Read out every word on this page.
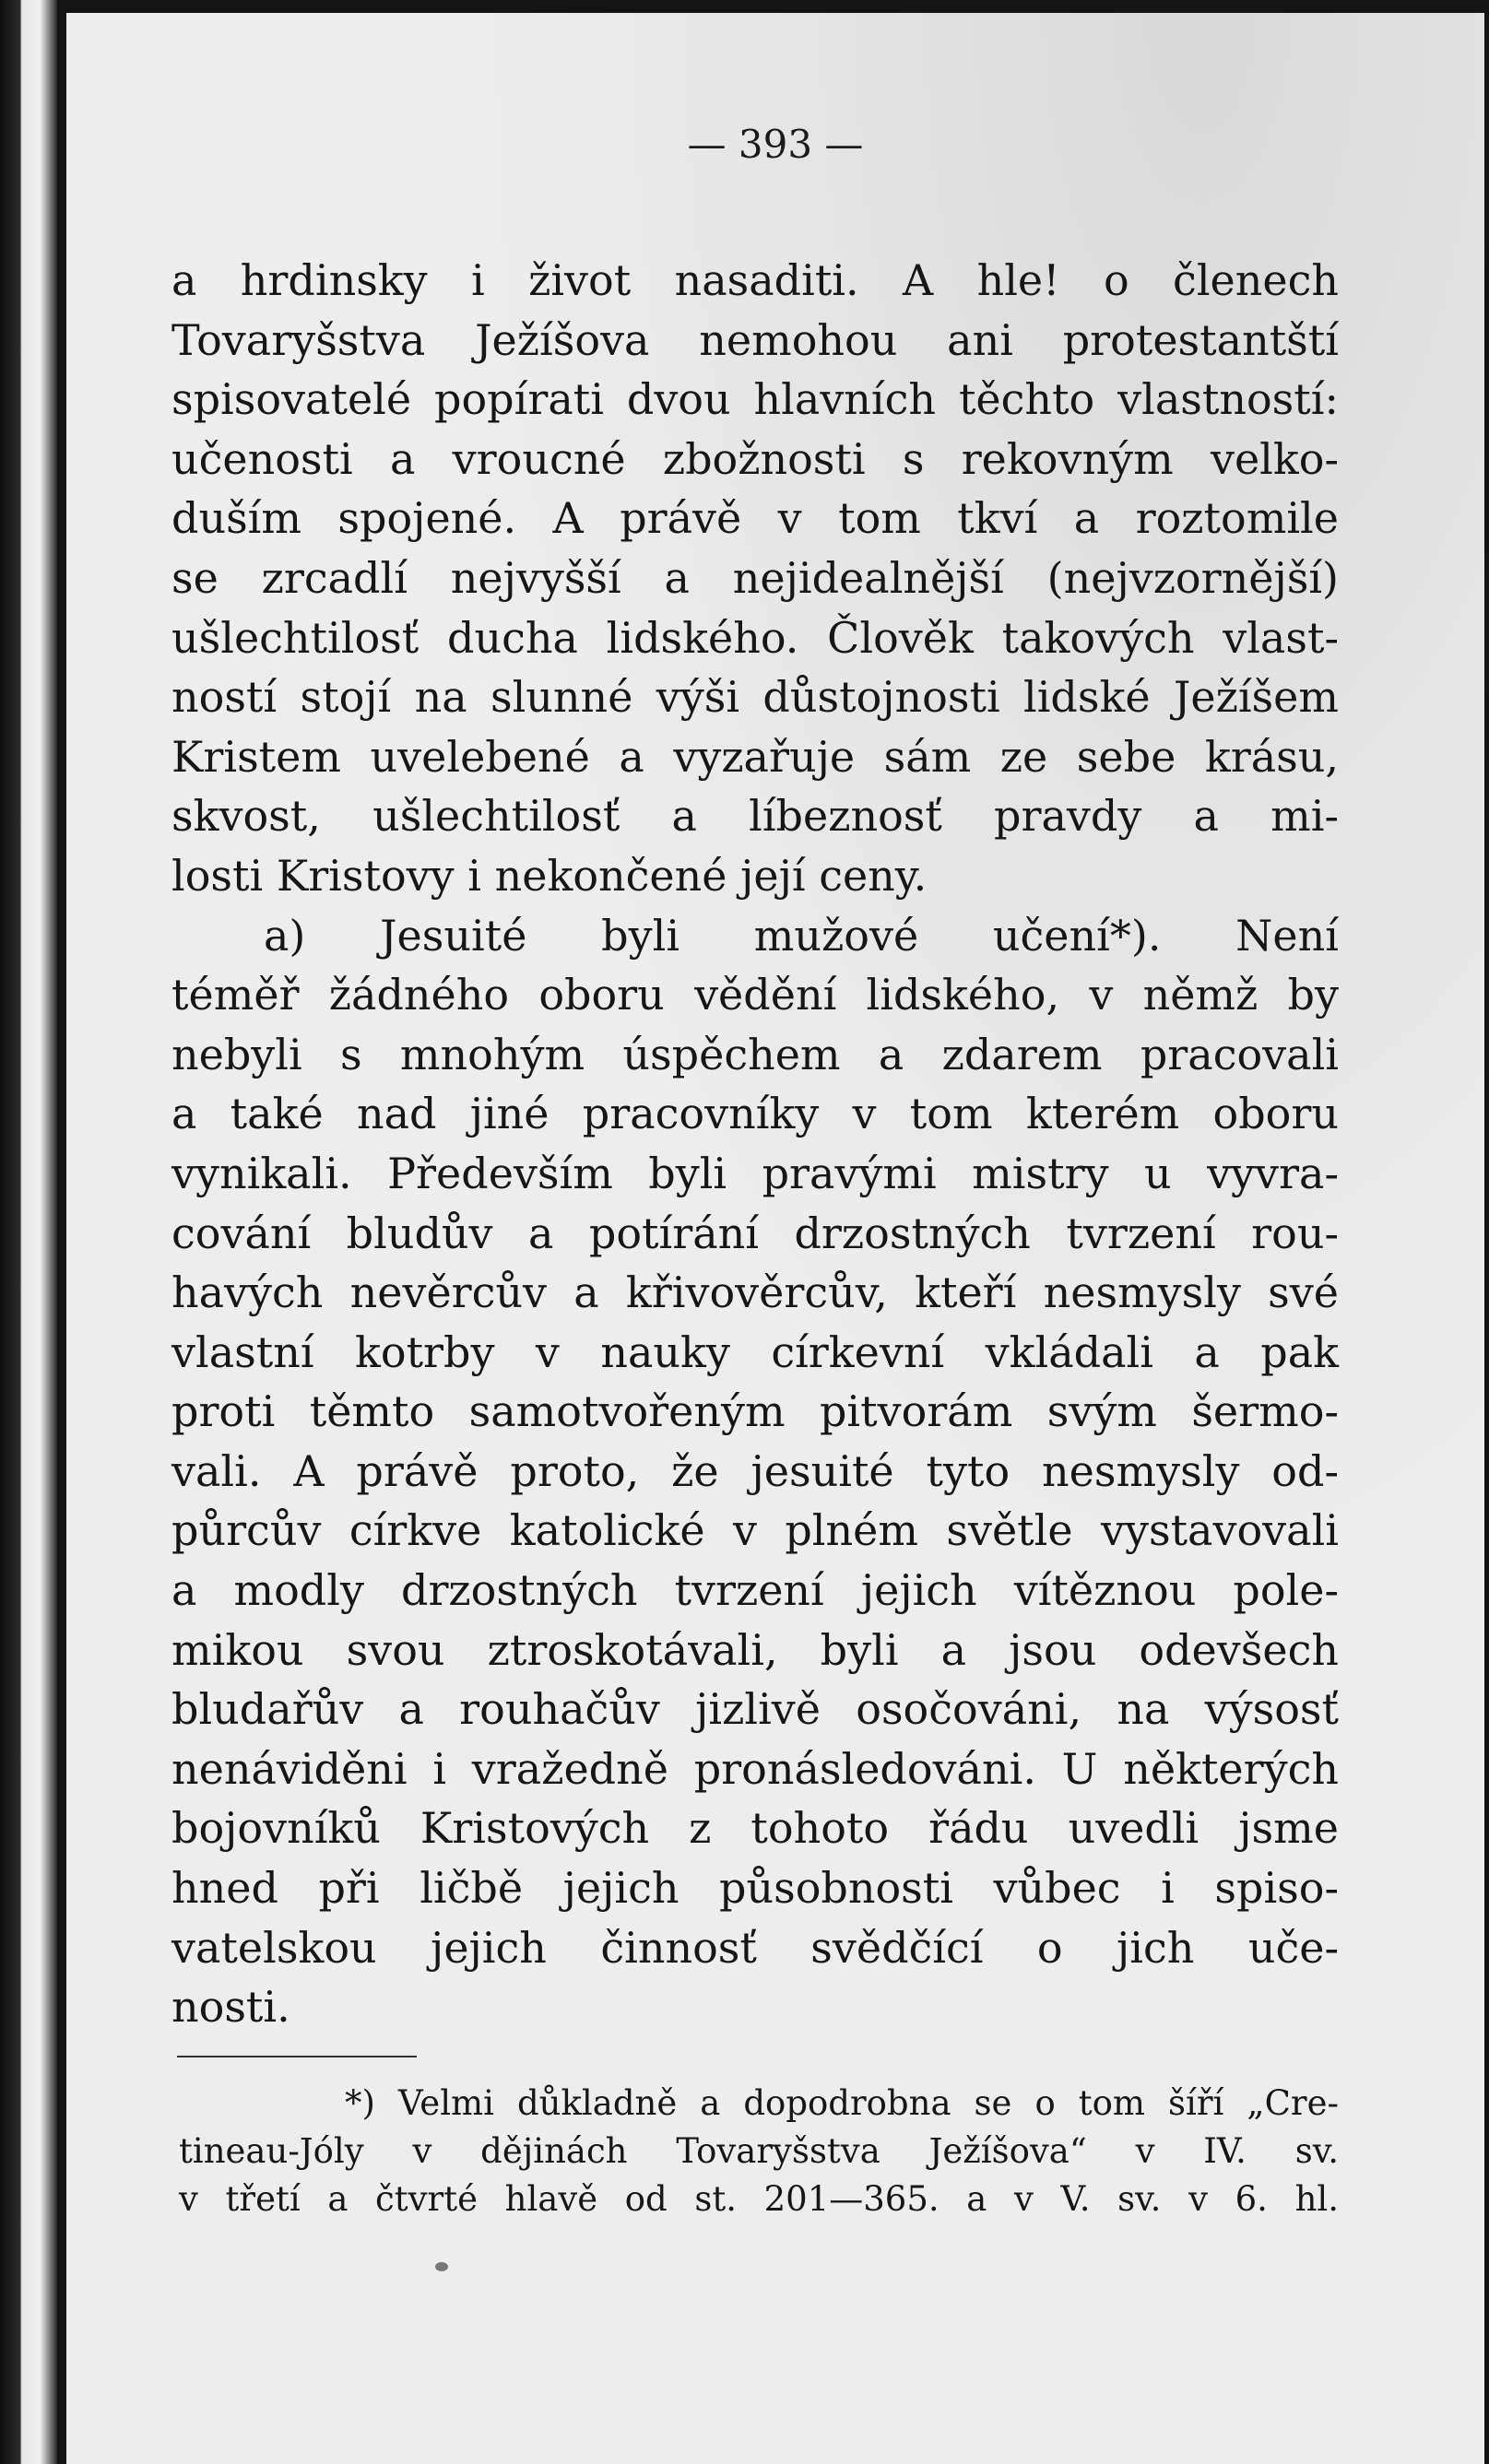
— 393 —
a hrdinsky i život nasaditi. A hle! o členech
Tovaryšstva Ježíšova nemohou ani protestantští
spisovatelé popírati dvou hlavních těchto vlastností:
učenosti a vroucné zbožnosti s rekovným velko-
duším spojené. A právě v tom tkví a roztomile
se zrcadlí nejvyšší a nejidealnější (nejvzornější)
ušlechtilosť ducha lidského. Člověk takových vlast-
ností stojí na slunné výši důstojnosti lidské Ježíšem
Kristem uvelebené a vyzařuje sám ze sebe krásu,
skvost, ušlechtilosť a líbeznosť pravdy a mi-
losti Kristovy i nekončené její ceny.
a) Jesuité byli mužové učení*). Není
téměř žádného oboru vědění lidského, v němž by
nebyli s mnohým úspěchem a zdarem pracovali
a také nad jiné pracovníky v tom kterém oboru
vynikali. Především byli pravými mistry u vyvra-
cování bludův a potírání drzostných tvrzení rou-
havých nevěrcův a křivověrcův, kteří nesmysly své
vlastní kotrby v nauky církevní vkládali a pak
proti těmto samotvořeným pitvorám svým šermo-
vali. A právě proto, že jesuité tyto nesmysly od-
půrcův církve katolické v plném světle vystavovali
a modly drzostných tvrzení jejich vítěznou pole-
mikou svou ztroskotávali, byli a jsou odevšech
bludařův a rouhačův jizlivě osočováni, na výsosť
nenáviděni i vražedně pronásledováni. U některých
bojovníků Kristových z tohoto řádu uvedli jsme
hned při ličbě jejich působnosti vůbec i spiso-
vatelskou jejich činnosť svědčící o jich uče-
nosti.
*) Velmi důkladně a dopodrobna se o tom šíří „Cre-
tineau-Jóly v dějinách Tovaryšstva Ježíšova“ v IV. sv.
v třetí a čtvrté hlavě od st. 201—365. a v V. sv. v 6. hl.
